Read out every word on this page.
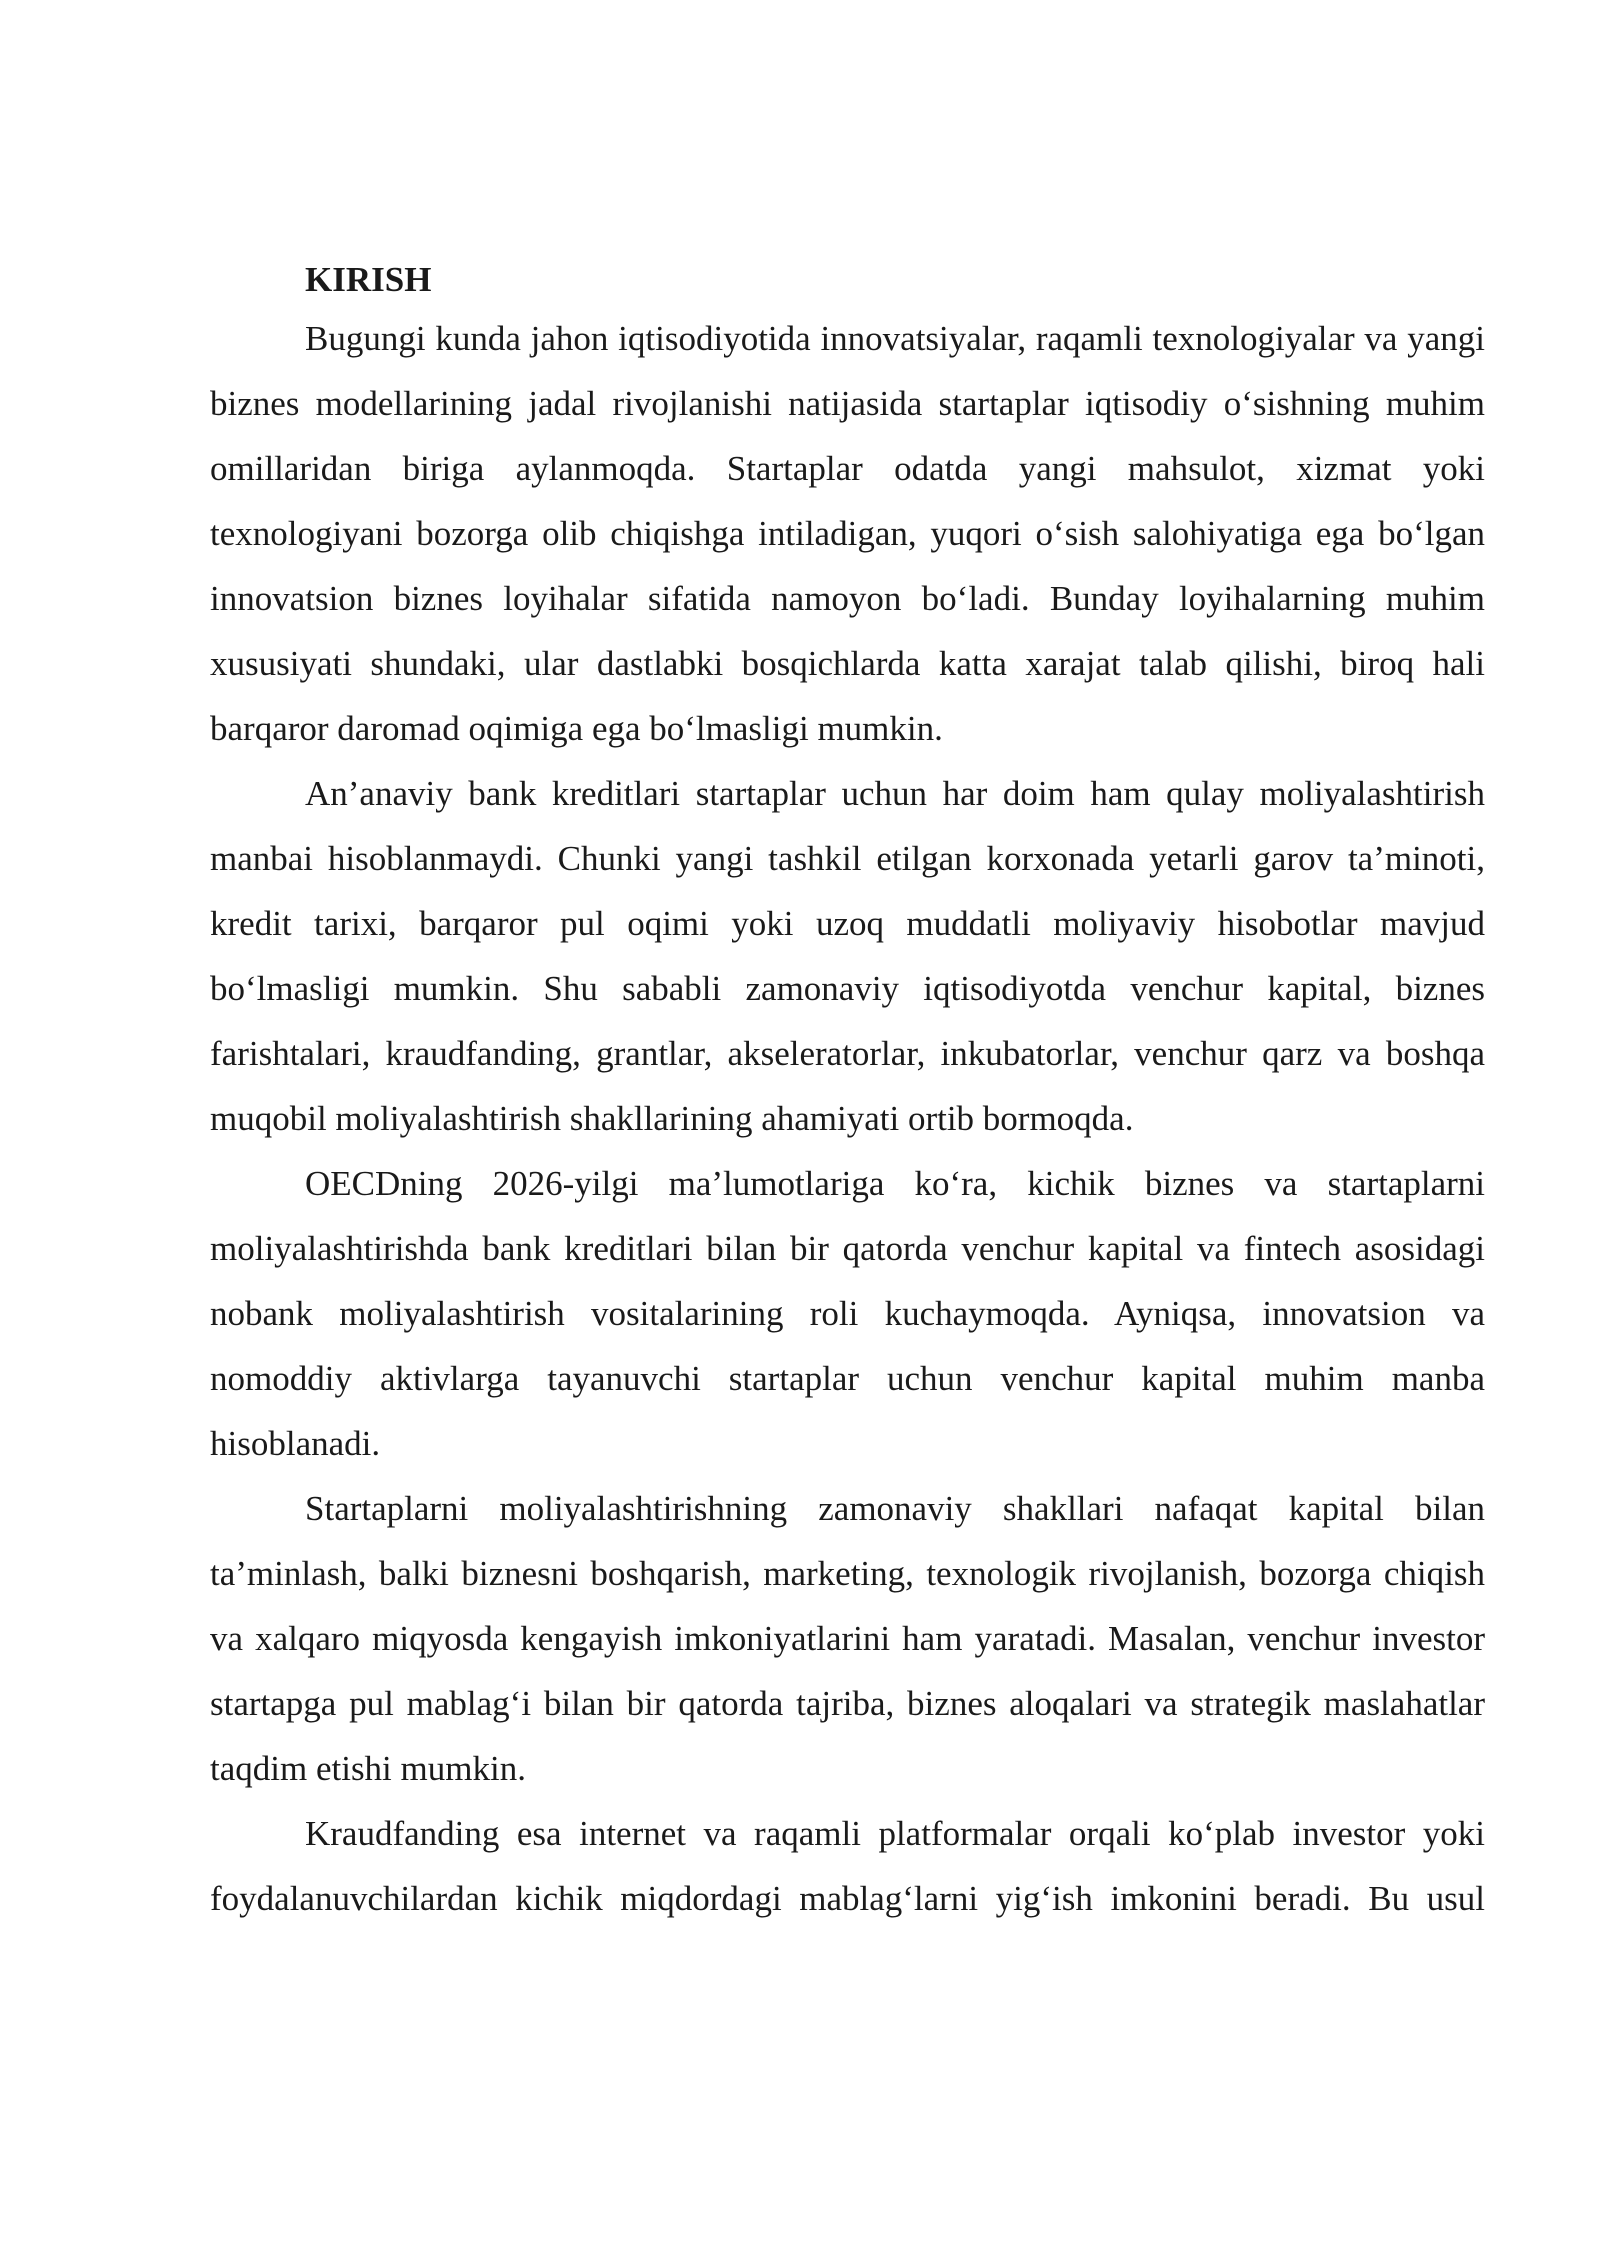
KIRISH

Bugungi kunda jahon iqtisodiyotida innovatsiyalar, raqamli texnologiyalar va yangi biznes modellarining jadal rivojlanishi natijasida startaplar iqtisodiy o‘sishning muhim omillaridan biriga aylanmoqda. Startaplar odatda yangi mahsulot, xizmat yoki texnologiyani bozorga olib chiqishga intiladigan, yuqori o‘sish salohiyatiga ega bo‘lgan innovatsion biznes loyihalar sifatida namoyon bo‘ladi. Bunday loyihalarning muhim xususiyati shundaki, ular dastlabki bosqichlarda katta xarajat talab qilishi, biroq hali barqaror daromad oqimiga ega bo‘lmasligi mumkin.

An’anaviy bank kreditlari startaplar uchun har doim ham qulay moliyalashtirish manbai hisoblanmaydi. Chunki yangi tashkil etilgan korxonada yetarli garov ta’minoti, kredit tarixi, barqaror pul oqimi yoki uzoq muddatli moliyaviy hisobotlar mavjud bo‘lmasligi mumkin. Shu sababli zamonaviy iqtisodiyotda venchur kapital, biznes farishtalari, kraudfanding, grantlar, akseleratorlar, inkubatorlar, venchur qarz va boshqa muqobil moliyalashtirish shakllarining ahamiyati ortib bormoqda.

OECDning 2026-yilgi ma’lumotlariga ko‘ra, kichik biznes va startaplarni moliyalashtirishda bank kreditlari bilan bir qatorda venchur kapital va fintech asosidagi nobank moliyalashtirish vositalarining roli kuchaymoqda. Ayniqsa, innovatsion va nomoddiy aktivlarga tayanuvchi startaplar uchun venchur kapital muhim manba hisoblanadi.

Startaplarni moliyalashtirishning zamonaviy shakllari nafaqat kapital bilan ta’minlash, balki biznesni boshqarish, marketing, texnologik rivojlanish, bozorga chiqish va xalqaro miqyosda kengayish imkoniyatlarini ham yaratadi. Masalan, venchur investor startapga pul mablag‘i bilan bir qatorda tajriba, biznes aloqalari va strategik maslahatlar taqdim etishi mumkin.

Kraudfanding esa internet va raqamli platformalar orqali ko‘plab investor yoki foydalanuvchilardan kichik miqdordagi mablag‘larni yig‘ish imkonini beradi. Bu usul
